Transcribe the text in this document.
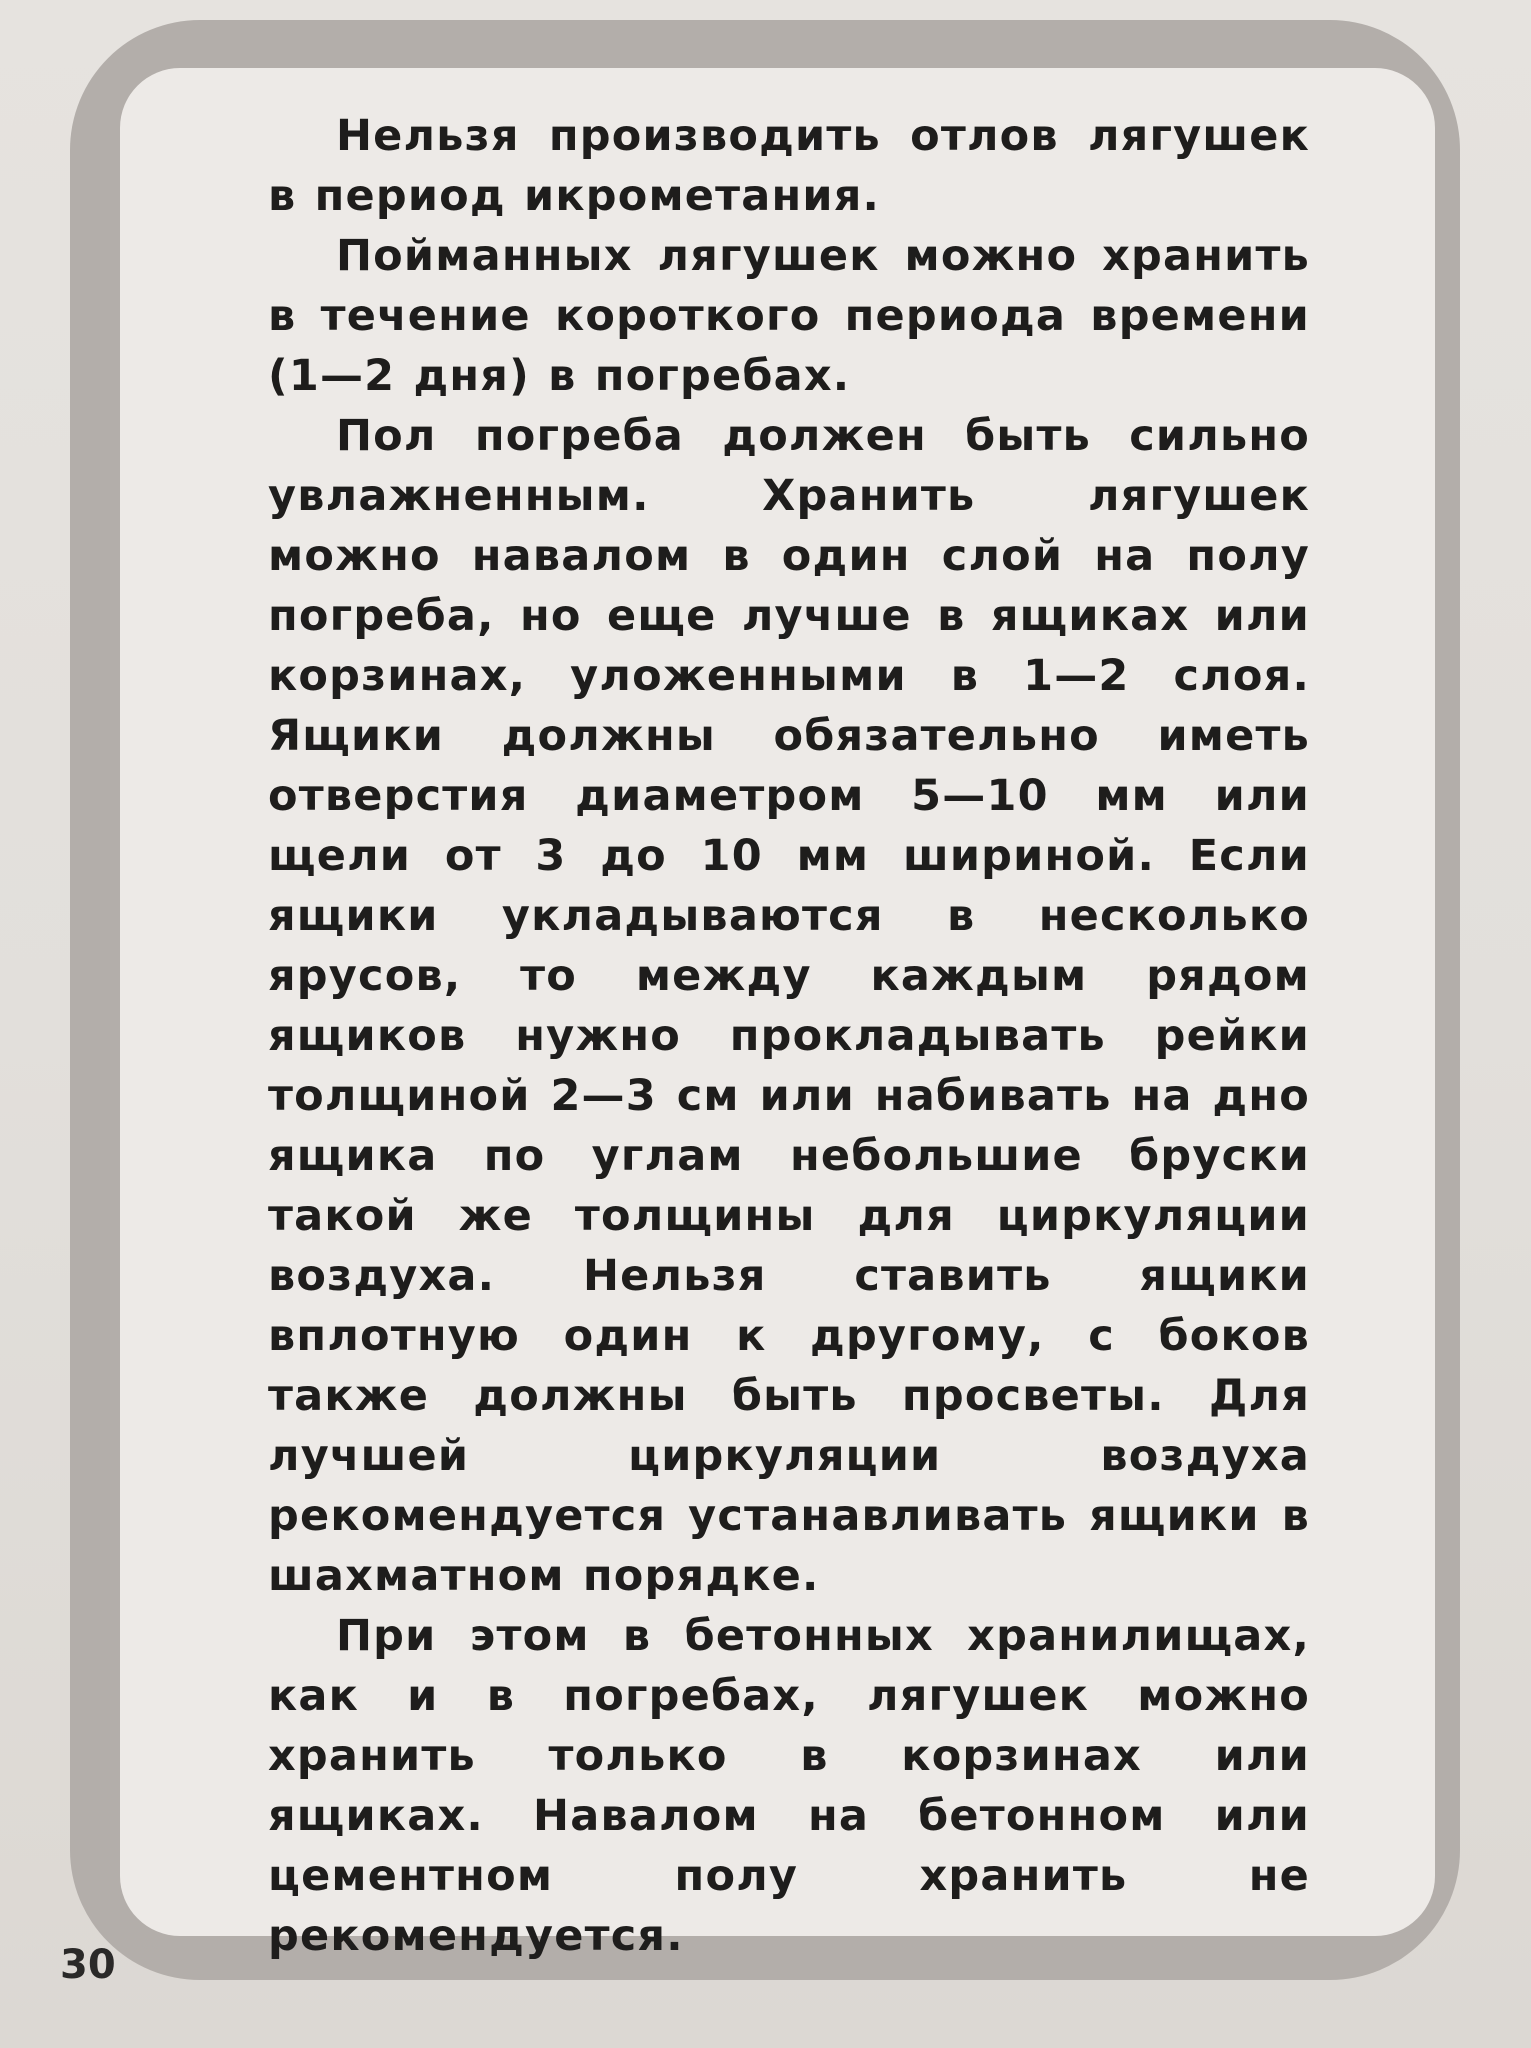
Нельзя производить отлов лягушек в период икрометания.

Пойманных лягушек можно хранить в течение короткого периода времени (1—2 дня) в погребах.

Пол погреба должен быть сильно увлажненным. Хранить лягушек можно навалом в один слой на полу погреба, но еще лучше в ящиках или корзинах, уложенными в 1—2 слоя. Ящики должны обязательно иметь отверстия диаметром 5—10 мм или щели от 3 до 10 мм шириной. Если ящики укладываются в несколько ярусов, то между каждым рядом ящиков нужно прокладывать рейки толщиной 2—3 см или набивать на дно ящика по углам небольшие бруски такой же толщины для циркуляции воздуха. Нельзя ставить ящики вплотную один к другому, с боков также должны быть просветы. Для лучшей циркуляции воздуха рекомендуется устанавливать ящики в шахматном порядке.

При этом в бетонных хранилищах, как и в погребах, лягушек можно хранить только в корзинах или ящиках. Навалом на бетонном или цементном полу хранить не рекомендуется.

30
